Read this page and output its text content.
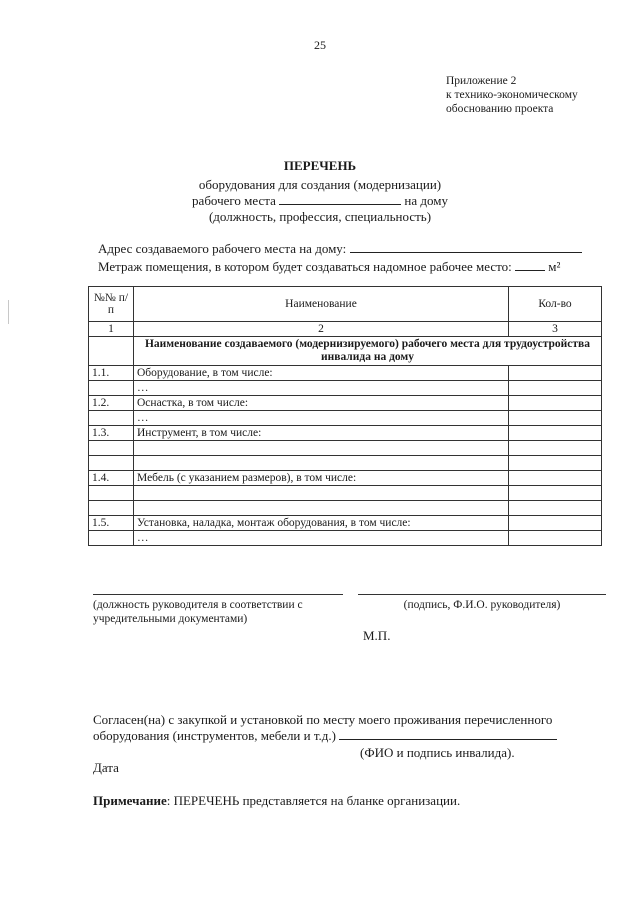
25
Приложение 2
к технико-экономическому
обоснованию проекта
ПЕРЕЧЕНЬ
оборудования для создания (модернизации)
рабочего места	на дому
(должность, профессия, специальность)
Адрес создаваемого рабочего места на дому:
Метраж помещения, в котором будет создаваться надомное рабочее место:	м²
№№ п/п	Наименование	Кол-во
1	2	3
	Наименование создаваемого (модернизируемого) рабочего места для трудоустройства инвалида на дому	
1.1.	Оборудование, в том числе:	
	…	
1.2.	Оснастка, в том числе:	
	…	
1.3.	Инструмент, в том числе:	

1.4.	Мебель (с указанием размеров), в том числе:	

1.5.	Установка, наладка, монтаж оборудования, в том числе:	
	…	
(должность руководителя в соответствии с
учредительными документами)
(подпись, Ф.И.О. руководителя)
М.П.
Согласен(на) с закупкой и установкой по месту моего проживания перечисленного
оборудования (инструментов, мебели и т.д.)
(ФИО и подпись инвалида).
Дата
Примечание: ПЕРЕЧЕНЬ представляется на бланке организации.
